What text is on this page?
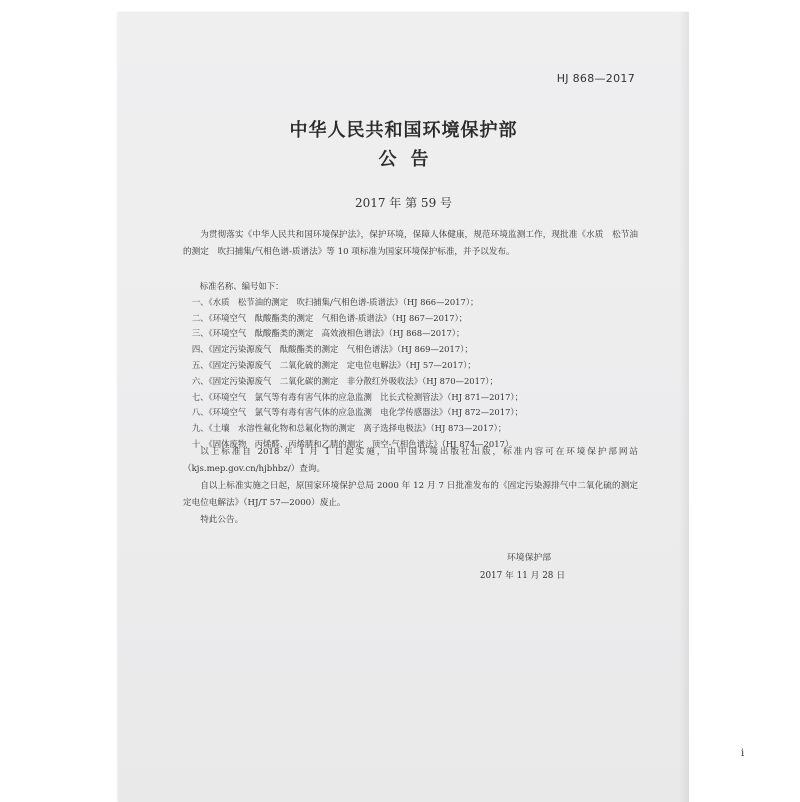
HJ 868—2017
中华人民共和国环境保护部
公告
2017 年 第 59 号

为贯彻落实《中华人民共和国环境保护法》，保护环境，保障人体健康，规范环境监测工作，现批准《水质　松节油的测定　吹扫捕集/气相色谱-质谱法》等 10 项标准为国家环境保护标准，并予以发布。

标准名称、编号如下：
一、《水质　松节油的测定　吹扫捕集/气相色谱-质谱法》（HJ 866—2017）；
二、《环境空气　酞酸酯类的测定　气相色谱-质谱法》（HJ 867—2017）；
三、《环境空气　酞酸酯类的测定　高效液相色谱法》（HJ 868—2017）；
四、《固定污染源废气　酞酸酯类的测定　气相色谱法》（HJ 869—2017）；
五、《固定污染源废气　二氧化硫的测定　定电位电解法》（HJ 57—2017）；
六、《固定污染源废气　二氧化碳的测定　非分散红外吸收法》（HJ 870—2017）；
七、《环境空气　氯气等有毒有害气体的应急监测　比长式检测管法》（HJ 871—2017）；
八、《环境空气　氯气等有毒有害气体的应急监测　电化学传感器法》（HJ 872—2017）；
九、《土壤　水溶性氟化物和总氟化物的测定　离子选择电极法》（HJ 873—2017）；
十、《固体废物　丙烯醛、丙烯腈和乙腈的测定　顶空-气相色谱法》（HJ 874—2017）。

以上标准自 2018 年 1 月 1 日起实施，由中国环境出版社出版，标准内容可在环境保护部网站（kjs.mep.gov.cn/hjbhbz/）查询。

自以上标准实施之日起，原国家环境保护总局 2000 年 12 月 7 日批准发布的《固定污染源排气中二氧化硫的测定　定电位电解法》（HJ/T 57—2000）废止。

特此公告。

环境保护部
2017 年 11 月 28 日
i
